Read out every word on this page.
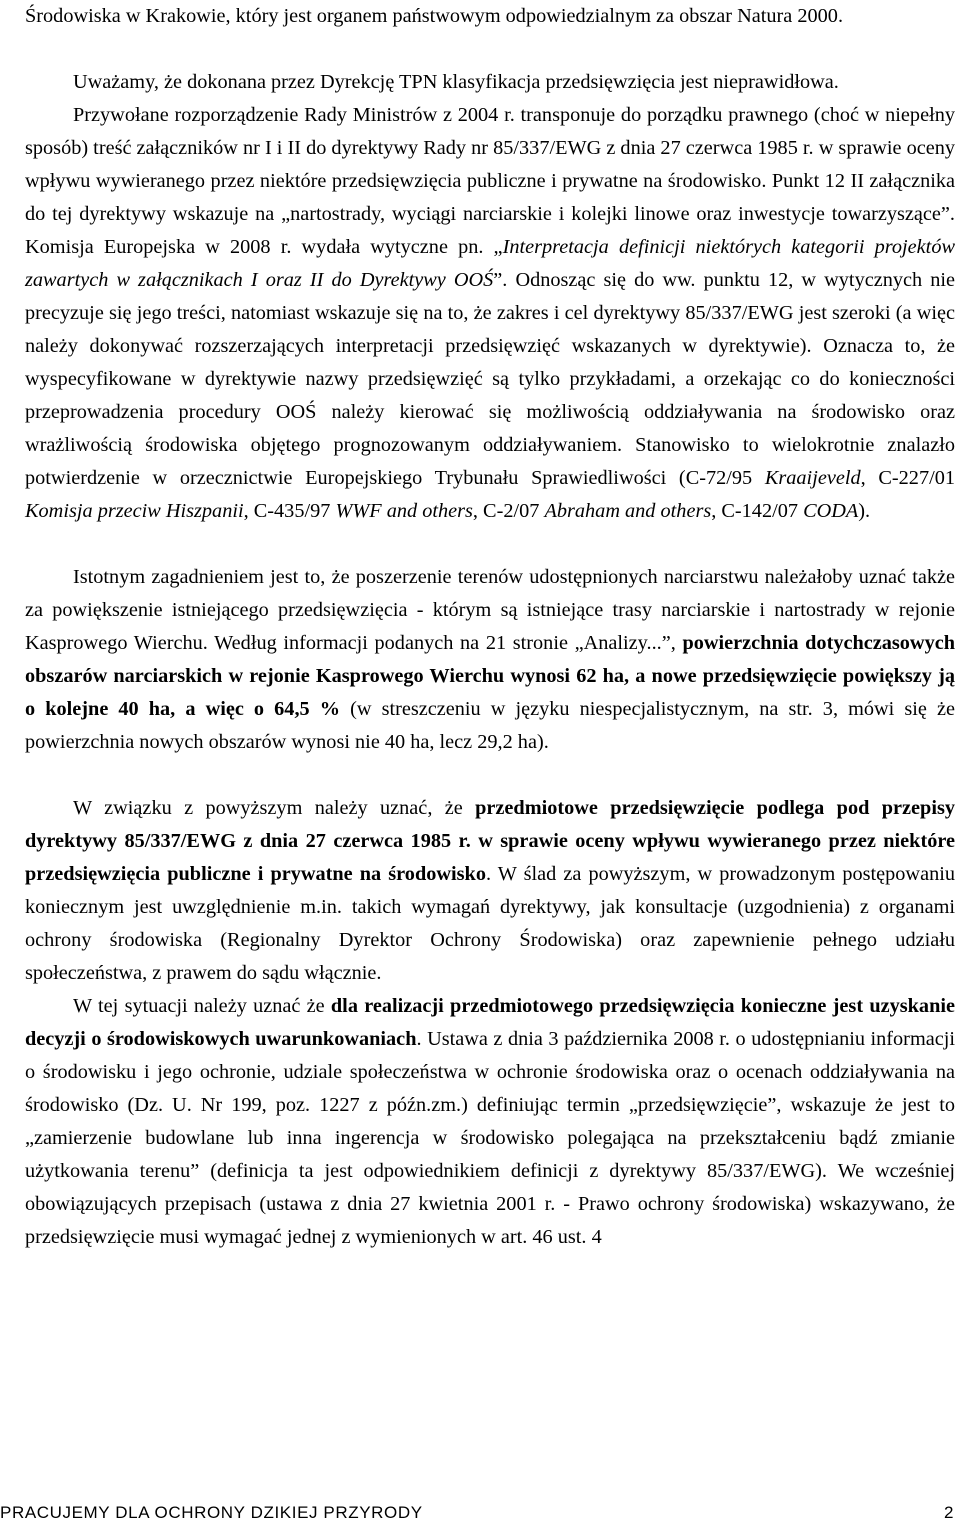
Środowiska w Krakowie, który jest organem państwowym odpowiedzialnym za obszar Natura 2000.

Uważamy, że dokonana przez Dyrekcję TPN klasyfikacja przedsięwzięcia jest nieprawidłowa.

Przywołane rozporządzenie Rady Ministrów z 2004 r. transponuje do porządku prawnego (choć w niepełny sposób) treść załączników nr I i II do dyrektywy Rady nr 85/337/EWG z dnia 27 czerwca 1985 r. w sprawie oceny wpływu wywieranego przez niektóre przedsięwzięcia publiczne i prywatne na środowisko. Punkt 12 II załącznika do tej dyrektywy wskazuje na „nartostrady, wyciągi narciarskie i kolejki linowe oraz inwestycje towarzyszące”. Komisja Europejska w 2008 r. wydała wytyczne pn. „Interpretacja definicji niektórych kategorii projektów zawartych w załącznikach I oraz II do Dyrektywy OOŚ”. Odnosząc się do ww. punktu 12, w wytycznych nie precyzuje się jego treści, natomiast wskazuje się na to, że zakres i cel dyrektywy 85/337/EWG jest szeroki (a więc należy dokonywać rozszerzających interpretacji przedsięwzięć wskazanych w dyrektywie). Oznacza to, że wyspecyfikowane w dyrektywie nazwy przedsięwzięć są tylko przykładami, a orzekając co do konieczności przeprowadzenia procedury OOŚ należy kierować się możliwością oddziaływania na środowisko oraz wrażliwością środowiska objętego prognozowanym oddziaływaniem. Stanowisko to wielokrotnie znalazło potwierdzenie w orzecznictwie Europejskiego Trybunału Sprawiedliwości (C-72/95 Kraaijeveld, C-227/01 Komisja przeciw Hiszpanii, C-435/97 WWF and others, C-2/07 Abraham and others, C-142/07 CODA).

Istotnym zagadnieniem jest to, że poszerzenie terenów udostępnionych narciarstwu należałoby uznać także za powiększenie istniejącego przedsięwzięcia - którym są istniejące trasy narciarskie i nartostrady w rejonie Kasprowego Wierchu. Według informacji podanych na 21 stronie „Analizy...”, powierzchnia dotychczasowych obszarów narciarskich w rejonie Kasprowego Wierchu wynosi 62 ha, a nowe przedsięwzięcie powiększy ją o kolejne 40 ha, a więc o 64,5 % (w streszczeniu w języku niespecjalistycznym, na str. 3, mówi się że powierzchnia nowych obszarów wynosi nie 40 ha, lecz 29,2 ha).

W związku z powyższym należy uznać, że przedmiotowe przedsięwzięcie podlega pod przepisy dyrektywy 85/337/EWG z dnia 27 czerwca 1985 r. w sprawie oceny wpływu wywieranego przez niektóre przedsięwzięcia publiczne i prywatne na środowisko. W ślad za powyższym, w prowadzonym postępowaniu koniecznym jest uwzględnienie m.in. takich wymagań dyrektywy, jak konsultacje (uzgodnienia) z organami ochrony środowiska (Regionalny Dyrektor Ochrony Środowiska) oraz zapewnienie pełnego udziału społeczeństwa, z prawem do sądu włącznie.

W tej sytuacji należy uznać że dla realizacji przedmiotowego przedsięwzięcia konieczne jest uzyskanie decyzji o środowiskowych uwarunkowaniach. Ustawa z dnia 3 października 2008 r. o udostępnianiu informacji o środowisku i jego ochronie, udziale społeczeństwa w ochronie środowiska oraz o ocenach oddziaływania na środowisko (Dz. U. Nr 199, poz. 1227 z późn.zm.) definiując termin „przedsięwzięcie”, wskazuje że jest to „zamierzenie budowlane lub inna ingerencja w środowisko polegająca na przekształceniu bądź zmianie użytkowania terenu” (definicja ta jest odpowiednikiem definicji z dyrektywy 85/337/EWG). We wcześniej obowiązujących przepisach (ustawa z dnia 27 kwietnia 2001 r. - Prawo ochrony środowiska) wskazywano, że przedsięwzięcie musi wymagać jednej z wymienionych w art. 46 ust. 4

PRACUJEMY DLA OCHRONY DZIKIEJ PRZYRODY	2
